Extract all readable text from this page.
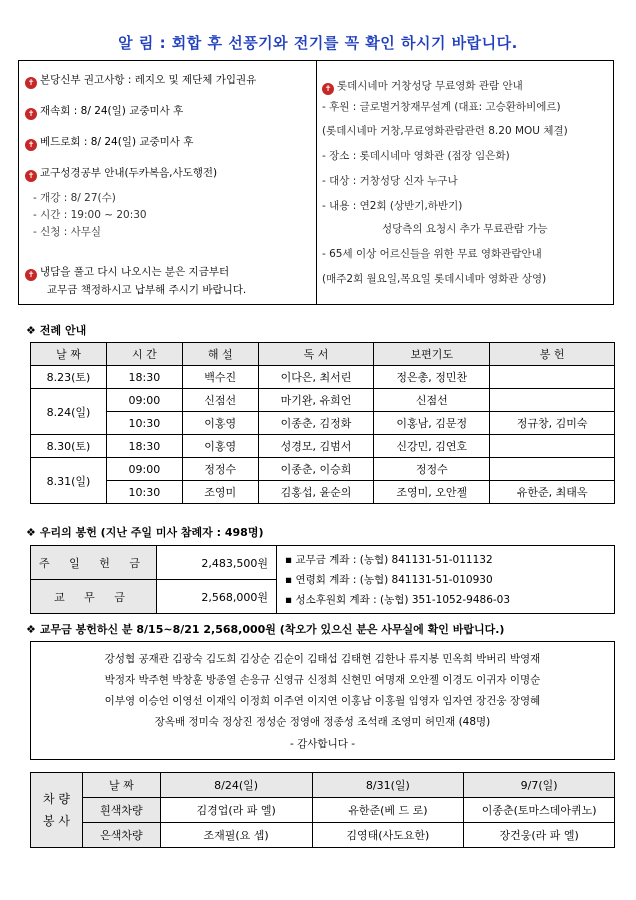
알 림 : 회합 후 선풍기와 전기를 꼭 확인 하시기 바랍니다.
✝ 본당신부 권고사항 : 레지오 및 제단체 가입권유
✝ 재속회 : 8/ 24(일) 교중미사 후
✝ 베드로회 : 8/ 24(일) 교중미사 후
✝ 교구성경공부 안내(두카복음,사도행전)
- 개강 : 8/ 27(수)
- 시간 : 19:00 ~ 20:30
- 신청 : 사무실
✝ 냉담을 풀고 다시 나오시는 분은 지금부터
교무금 책정하시고 납부해 주시기 바랍니다.
✝ 롯데시네마 거창성당 무료영화 관람 안내
- 후원 : 글로벌거창재무설계 (대표: 고승환하비에르)
(롯데시네마 거창,무료영화관람관련 8.20 MOU 체결)
- 장소 : 롯데시네마 영화관 (점장 임은화)
- 대상 : 거창성당 신자 누구나
- 내용 : 연2회 (상반기,하반기)
성당측의 요청시 추가 무료관람 가능
- 65세 이상 어르신들을 위한 무료 영화관람안내
(매주2회 월요일,목요일 롯데시네마 영화관 상영)
❖ 전례 안내
날 짜	시 간	해 설	독 서	보편기도	봉 헌
8.23(토)	18:30	백수진	이다은, 최서린	정은총, 정민찬	
8.24(일)	09:00	신점선	마기완, 유희언	신점선	
	10:30	이홍영	이종춘, 김정화	이홍남, 김문정	정규창, 김미숙
8.30(토)	18:30	이홍영	성경모, 김범서	신강민, 김연호	
8.31(일)	09:00	정정수	이종춘, 이승희	정정수	
	10:30	조영미	김홍섭, 윤순의	조영미, 오안젤	유한준, 최태옥
❖ 우리의 봉헌 (지난 주일 미사 참례자 : 498명)
주 일 헌 금	2,483,500원	▪ 교무금 계좌 : (농협) 841131-51-011132
▪ 연령회 계좌 : (농협) 841131-51-010930
▪ 성소후원회 계좌 : (농협) 351-1052-9486-03

교 무 금	2,568,000원	
❖ 교무금 봉헌하신 분 8/15~8/21 2,568,000원 (착오가 있으신 분은 사무실에 확인 바랍니다.)
강성협 공재관 김광숙 김도희 김상순 김순이 김태섭 김태현 김한나 류지봉 민옥희 박버리 박영재
박정자 박주현 박창훈 방종열 손응규 신영규 신정희 신현민 여명재 오안젤 이경도 이귀자 이명순
이부영 이승언 이영선 이재익 이정희 이주연 이지연 이홍남 이홍월 임영자 임자연 장건웅 장영혜
장옥배 정미숙 정상진 정성순 정영애 정종성 조석래 조영미 허민재 (48명)
- 감사합니다 -
차 량 봉 사	날 짜	8/24(일)	8/31(일)	9/7(일)
	흰색차량	김경업(라 파 엘)	유한준(베 드 로)	이종춘(토마스데아퀴노)
	은색차량	조재필(요 셉)	김영태(사도요한)	장건웅(라 파 엘)
